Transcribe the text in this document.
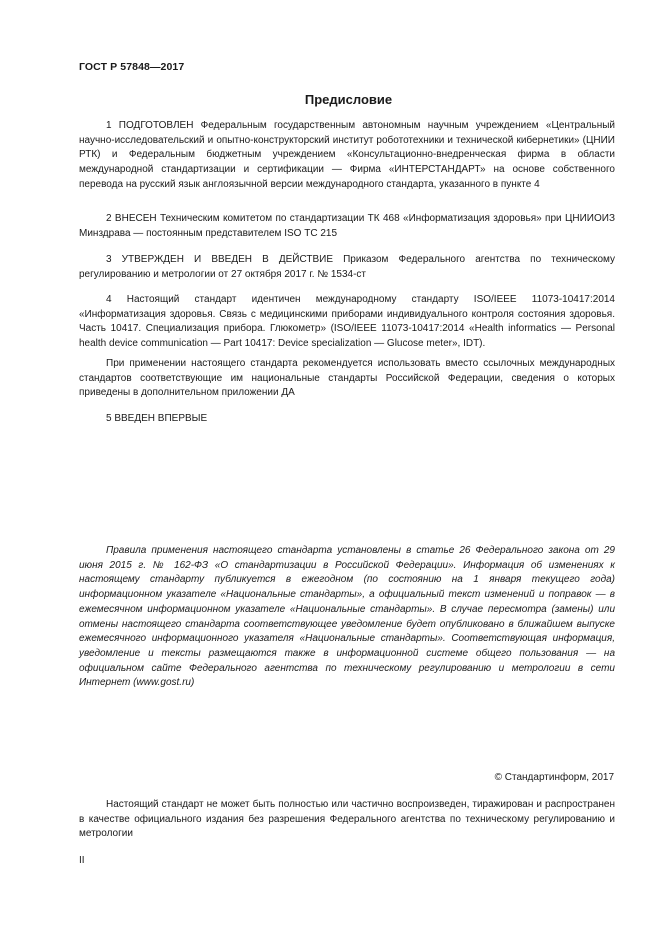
ГОСТ Р 57848—2017
Предисловие

1 ПОДГОТОВЛЕН Федеральным государственным автономным научным учреждением «Центральный научно-исследовательский и опытно-конструкторский институт робототехники и технической кибернетики» (ЦНИИ РТК) и Федеральным бюджетным учреждением «Консультационно-внедренческая фирма в области международной стандартизации и сертификации — Фирма «ИНТЕРСТАНДАРТ» на основе собственного перевода на русский язык англоязычной версии международного стандарта, указанного в пункте 4

2 ВНЕСЕН Техническим комитетом по стандартизации ТК 468 «Информатизация здоровья» при ЦНИИОИЗ Минздрава — постоянным представителем ISO ТС 215

3 УТВЕРЖДЕН И ВВЕДЕН В ДЕЙСТВИЕ Приказом Федерального агентства по техническому регулированию и метрологии от 27 октября 2017 г. № 1534-ст

4 Настоящий стандарт идентичен международному стандарту ISO/IEEE 11073-10417:2014 «Информатизация здоровья. Связь с медицинскими приборами индивидуального контроля состояния здоровья. Часть 10417. Специализация прибора. Глюкометр» (ISO/IEEE 11073-10417:2014 «Health informatics — Personal health device communication — Part 10417: Device specialization — Glucose meter», IDT).

При применении настоящего стандарта рекомендуется использовать вместо ссылочных международных стандартов соответствующие им национальные стандарты Российской Федерации, сведения о которых приведены в дополнительном приложении ДА

5 ВВЕДЕН ВПЕРВЫЕ

Правила применения настоящего стандарта установлены в статье 26 Федерального закона от 29 июня 2015 г. № 162-ФЗ «О стандартизации в Российской Федерации». Информация об изменениях к настоящему стандарту публикуется в ежегодном (по состоянию на 1 января текущего года) информационном указателе «Национальные стандарты», а официальный текст изменений и поправок — в ежемесячном информационном указателе «Национальные стандарты». В случае пересмотра (замены) или отмены настоящего стандарта соответствующее уведомление будет опубликовано в ближайшем выпуске ежемесячного информационного указателя «Национальные стандарты». Соответствующая информация, уведомление и тексты размещаются также в информационной системе общего пользования — на официальном сайте Федерального агентства по техническому регулированию и метрологии в сети Интернет (www.gost.ru)

© Стандартинформ, 2017

Настоящий стандарт не может быть полностью или частично воспроизведен, тиражирован и распространен в качестве официального издания без разрешения Федерального агентства по техническому регулированию и метрологии

II
